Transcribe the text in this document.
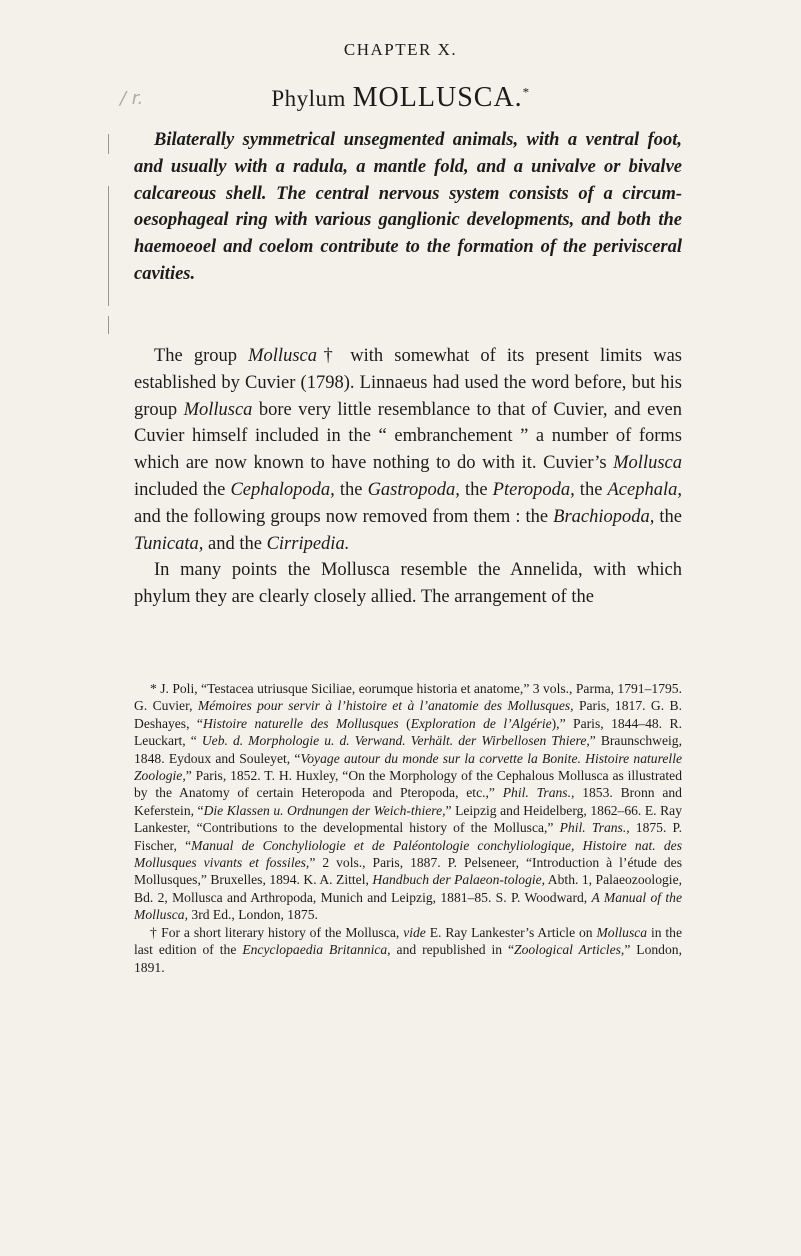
/ r.
CHAPTER X.
Phylum MOLLUSCA.*

Bilaterally symmetrical unsegmented animals, with a ventral foot, and usually with a radula, a mantle fold, and a univalve or bivalve calcareous shell. The central nervous system consists of a circum-oesophageal ring with various ganglionic developments, and both the haemoeoel and coelom contribute to the formation of the perivisceral cavities.

The group Mollusca† with somewhat of its present limits was established by Cuvier (1798). Linnaeus had used the word before, but his group Mollusca bore very little resemblance to that of Cuvier, and even Cuvier himself included in the “ embranchement ” a number of forms which are now known to have nothing to do with it. Cuvier’s Mollusca included the Cephalopoda, the Gastropoda, the Pteropoda, the Acephala, and the following groups now removed from them : the Brachiopoda, the Tunicata, and the Cirripedia.

In many points the Mollusca resemble the Annelida, with which phylum they are clearly closely allied. The arrangement of the

* J. Poli, “Testacea utriusque Siciliae, eorumque historia et anatome,” 3 vols., Parma, 1791–1795. G. Cuvier, Mémoires pour servir à l’histoire et à l’anatomie des Mollusques, Paris, 1817. G. B. Deshayes, “Histoire naturelle des Mollusques (Exploration de l’Algérie),” Paris, 1844–48. R. Leuckart, “ Ueb. d. Morphologie u. d. Verwand. Verhält. der Wirbellosen Thiere,” Braunschweig, 1848. Eydoux and Souleyet, “Voyage autour du monde sur la corvette la Bonite. Histoire naturelle Zoologie,” Paris, 1852. T. H. Huxley, “On the Morphology of the Cephalous Mollusca as illustrated by the Anatomy of certain Heteropoda and Pteropoda, etc.,” Phil. Trans., 1853. Bronn and Keferstein, “Die Klassen u. Ordnungen der Weich-thiere,” Leipzig and Heidelberg, 1862–66. E. Ray Lankester, “Contributions to the developmental history of the Mollusca,” Phil. Trans., 1875. P. Fischer, “Manual de Conchyliologie et de Paléontologie conchyliologique, Histoire nat. des Mollusques vivants et fossiles,” 2 vols., Paris, 1887. P. Pelseneer, “Introduction à l’étude des Mollusques,” Bruxelles, 1894. K. A. Zittel, Handbuch der Palaeon-tologie, Abth. 1, Palaeozoologie, Bd. 2, Mollusca and Arthropoda, Munich and Leipzig, 1881–85. S. P. Woodward, A Manual of the Mollusca, 3rd Ed., London, 1875.

† For a short literary history of the Mollusca, vide E. Ray Lankester’s Article on Mollusca in the last edition of the Encyclopaedia Britannica, and republished in “Zoological Articles,” London, 1891.
